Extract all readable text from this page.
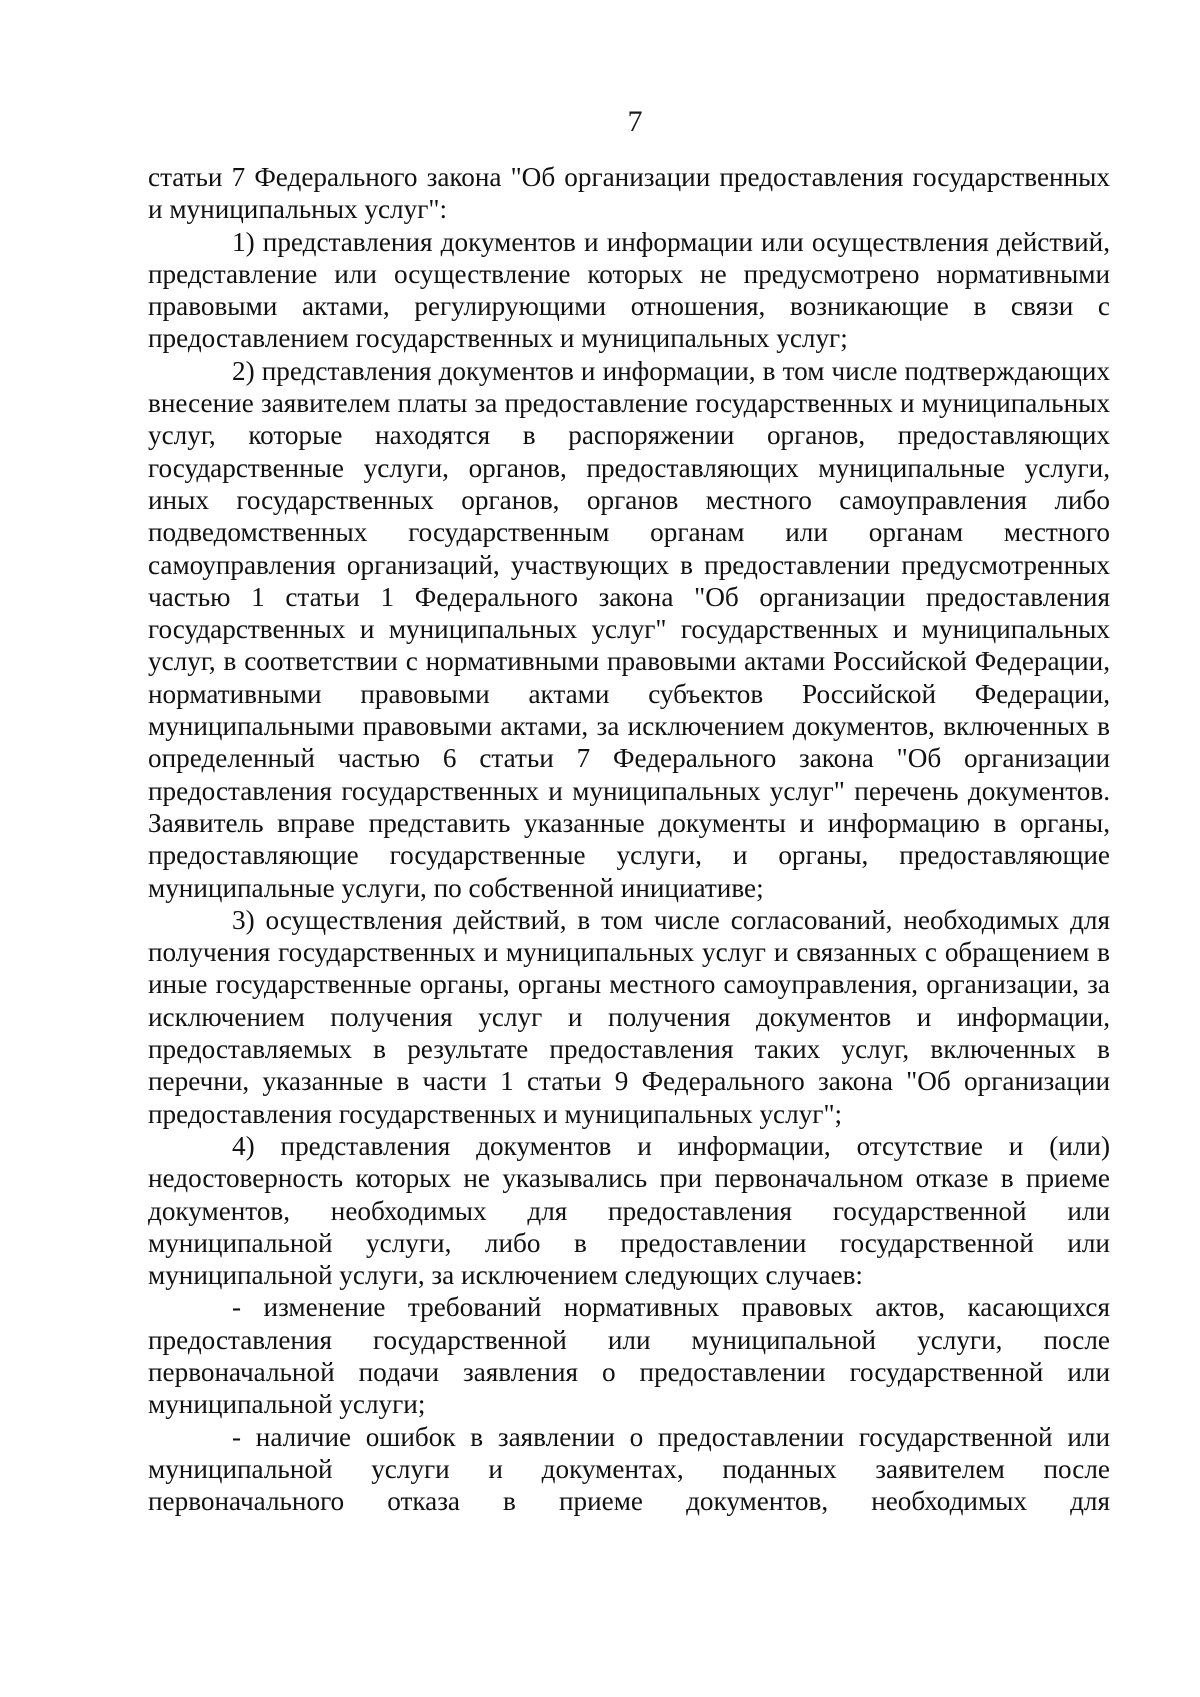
7

статьи 7 Федерального закона "Об организации предоставления государственных и муниципальных услуг":

1) представления документов и информации или осуществления действий, представление или осуществление которых не предусмотрено нормативными правовыми актами, регулирующими отношения, возникающие в связи с предоставлением государственных и муниципальных услуг;

2) представления документов и информации, в том числе подтверждающих внесение заявителем платы за предоставление государственных и муниципальных услуг, которые находятся в распоряжении органов, предоставляющих государственные услуги, органов, предоставляющих муниципальные услуги, иных государственных органов, органов местного самоуправления либо подведомственных государственным органам или органам местного самоуправления организаций, участвующих в предоставлении предусмотренных частью 1 статьи 1 Федерального закона "Об организации предоставления государственных и муниципальных услуг" государственных и муниципальных услуг, в соответствии с нормативными правовыми актами Российской Федерации, нормативными правовыми актами субъектов Российской Федерации, муниципальными правовыми актами, за исключением документов, включенных в определенный частью 6 статьи 7 Федерального закона "Об организации предоставления государственных и муниципальных услуг" перечень документов. Заявитель вправе представить указанные документы и информацию в органы, предоставляющие государственные услуги, и органы, предоставляющие муниципальные услуги, по собственной инициативе;

3) осуществления действий, в том числе согласований, необходимых для получения государственных и муниципальных услуг и связанных с обращением в иные государственные органы, органы местного самоуправления, организации, за исключением получения услуг и получения документов и информации, предоставляемых в результате предоставления таких услуг, включенных в перечни, указанные в части 1 статьи 9 Федерального закона "Об организации предоставления государственных и муниципальных услуг";

4) представления документов и информации, отсутствие и (или) недостоверность которых не указывались при первоначальном отказе в приеме документов, необходимых для предоставления государственной или муниципальной услуги, либо в предоставлении государственной или муниципальной услуги, за исключением следующих случаев:

- изменение требований нормативных правовых актов, касающихся предоставления государственной или муниципальной услуги, после первоначальной подачи заявления о предоставлении государственной или муниципальной услуги;

- наличие ошибок в заявлении о предоставлении государственной или муниципальной услуги и документах, поданных заявителем после первоначального отказа в приеме документов, необходимых для
